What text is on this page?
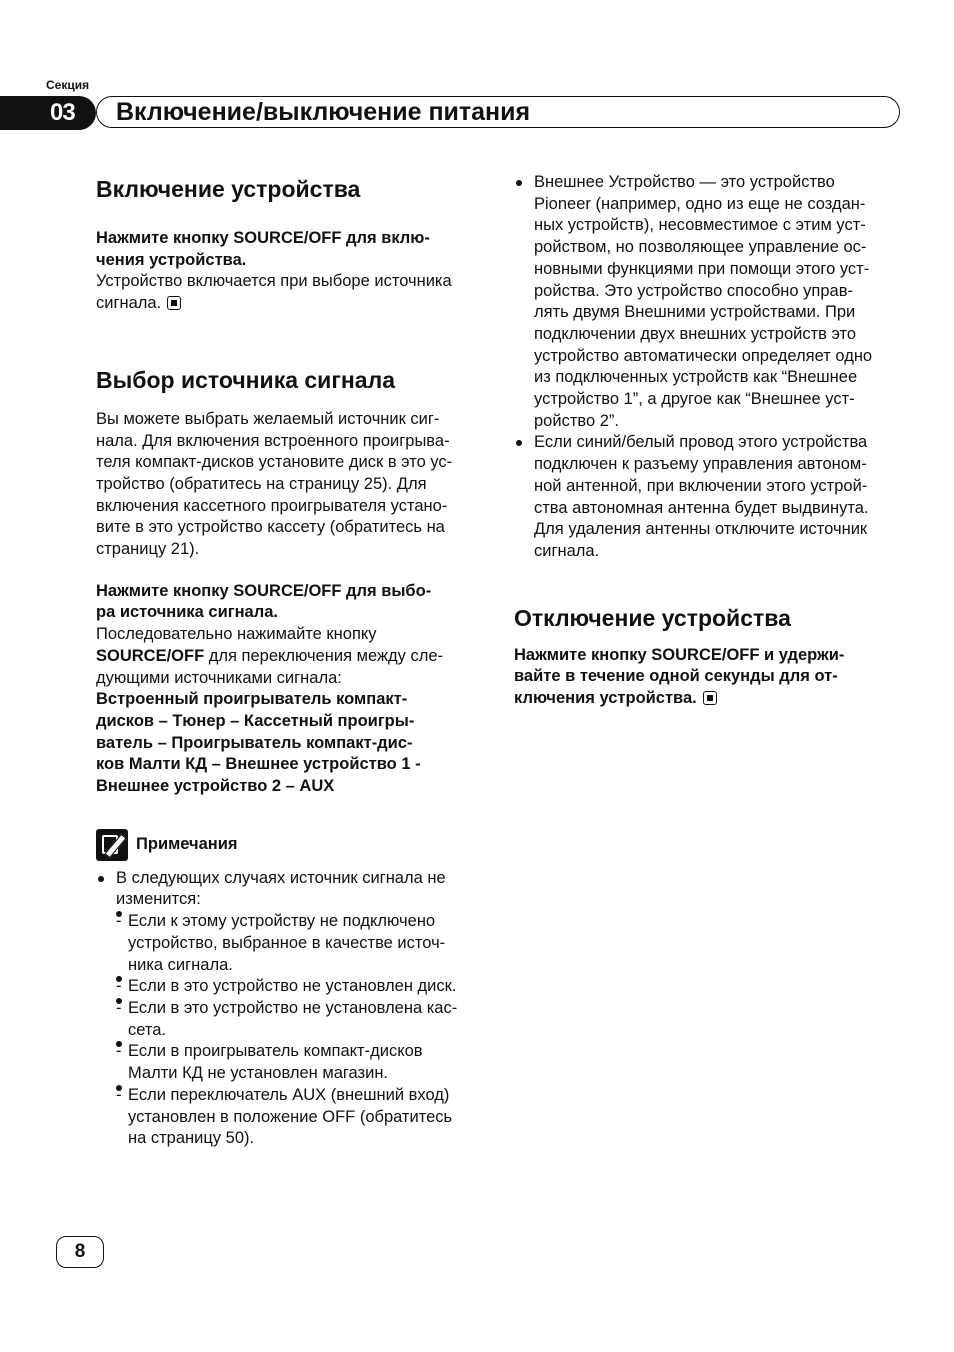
Секция
03 Включение/выключение питания
Включение устройства

Нажмите кнопку SOURCE/OFF для вклю-

чения устройства.

Устройство включается при выборе источника

сигнала.

Выбор источника сигнала

Вы можете выбрать желаемый источник сиг-

нала. Для включения встроенного проигрыва-

теля компакт-дисков установите диск в это ус-

тройство (обратитесь на страницу 25). Для

включения кассетного проигрывателя устано-

вите в это устройство кассету (обратитесь на

страницу 21).

Нажмите кнопку SOURCE/OFF для выбо-

ра источника сигнала.

Последовательно нажимайте кнопку

SOURCE/OFF для переключения между сле-

дующими источниками сигнала:

Встроенный проигрыватель компакт-

дисков – Тюнер – Кассетный проигры-

ватель – Проигрыватель компакт-дис-

ков Малти КД – Внешнее устройство 1 -

Внешнее устройство 2 – AUX

Примечания
В следующих случаях источник сигнала не
изменится:
- Если к этому устройству не подключено
устройство, выбранное в качестве источ-
ника сигнала.
- Если в это устройство не установлен диск.
- Если в это устройство не установлена кас-
сета.
- Если в проигрыватель компакт-дисков
Малти КД не установлен магазин.
- Если переключатель AUX (внешний вход)
установлен в положение OFF (обратитесь
на страницу 50).
Внешнее Устройство — это устройство
Pioneer (например, одно из еще не создан-
ных устройств), несовместимое с этим уст-
ройством, но позволяющее управление ос-
новными функциями при помощи этого уст-
ройства. Это устройство способно управ-
лять двумя Внешними устройствами. При
подключении двух внешних устройств это
устройство автоматически определяет одно
из подключенных устройств как “Внешнее
устройство 1”, а другое как “Внешнее уст-
ройство 2”.
Если синий/белый провод этого устройства
подключен к разъему управления автоном-
ной антенной, при включении этого устрой-
ства автономная антенна будет выдвинута.
Для удаления антенны отключите источник
сигнала.
Отключение устройства

Нажмите кнопку SOURCE/OFF и удержи-

вайте в течение одной секунды для от-

ключения устройства.

8
